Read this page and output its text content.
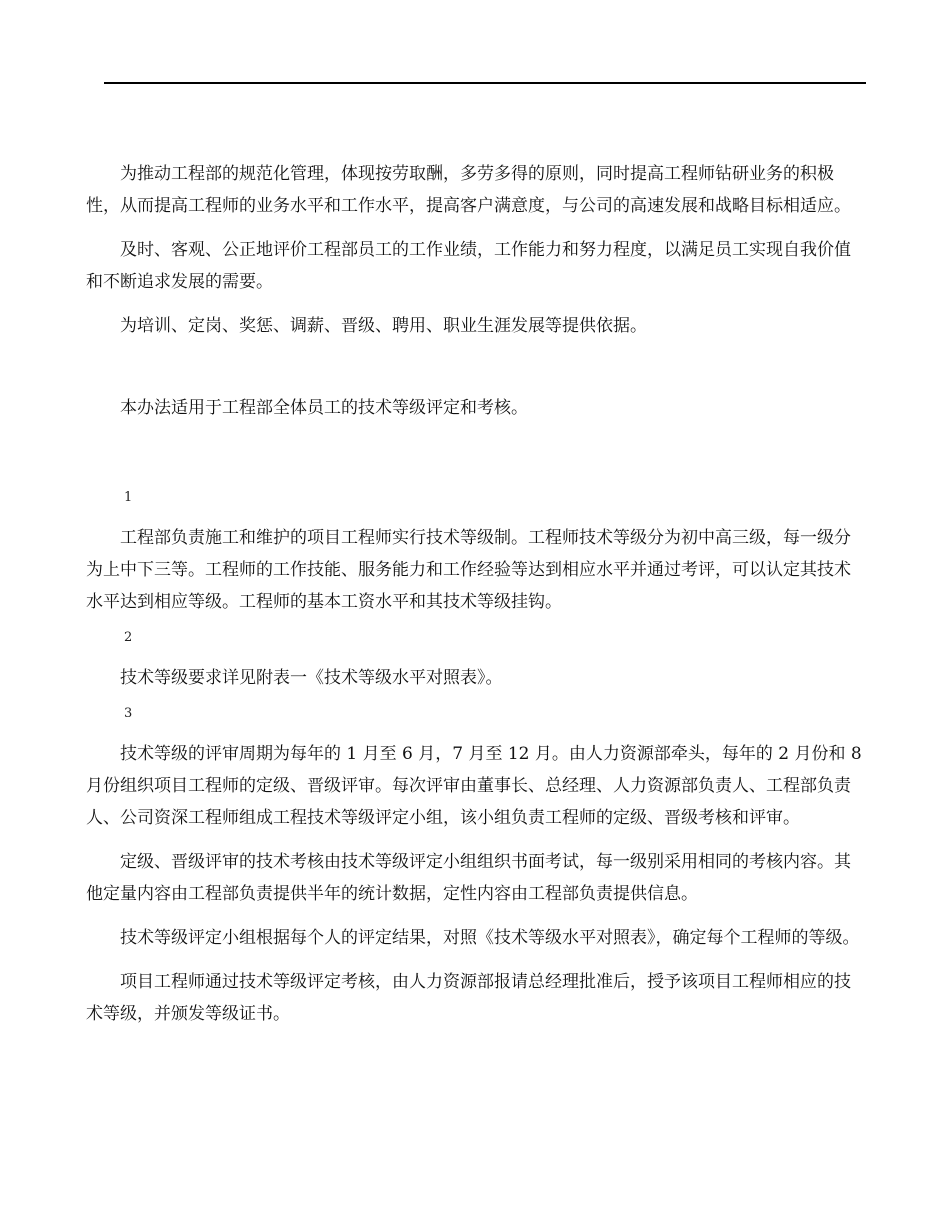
为推动工程部的规范化管理，体现按劳取酬，多劳多得的原则，同时提高工程师钻研业务的积极性，从而提高工程师的业务水平和工作水平，提高客户满意度，与公司的高速发展和战略目标相适应。

及时、客观、公正地评价工程部员工的工作业绩，工作能力和努力程度，以满足员工实现自我价值和不断追求发展的需要。

为培训、定岗、奖惩、调薪、晋级、聘用、职业生涯发展等提供依据。

本办法适用于工程部全体员工的技术等级评定和考核。

1

工程部负责施工和维护的项目工程师实行技术等级制。工程师技术等级分为初中高三级，每一级分为上中下三等。工程师的工作技能、服务能力和工作经验等达到相应水平并通过考评，可以认定其技术水平达到相应等级。工程师的基本工资水平和其技术等级挂钩。

2

技术等级要求详见附表一《技术等级水平对照表》。

3

技术等级的评审周期为每年的 1 月至 6 月，7 月至 12 月。由人力资源部牵头，每年的 2 月份和 8 月份组织项目工程师的定级、晋级评审。每次评审由董事长、总经理、人力资源部负责人、工程部负责人、公司资深工程师组成工程技术等级评定小组，该小组负责工程师的定级、晋级考核和评审。

定级、晋级评审的技术考核由技术等级评定小组组织书面考试，每一级别采用相同的考核内容。其他定量内容由工程部负责提供半年的统计数据，定性内容由工程部负责提供信息。

技术等级评定小组根据每个人的评定结果，对照《技术等级水平对照表》，确定每个工程师的等级。

项目工程师通过技术等级评定考核，由人力资源部报请总经理批准后，授予该项目工程师相应的技术等级，并颁发等级证书。
